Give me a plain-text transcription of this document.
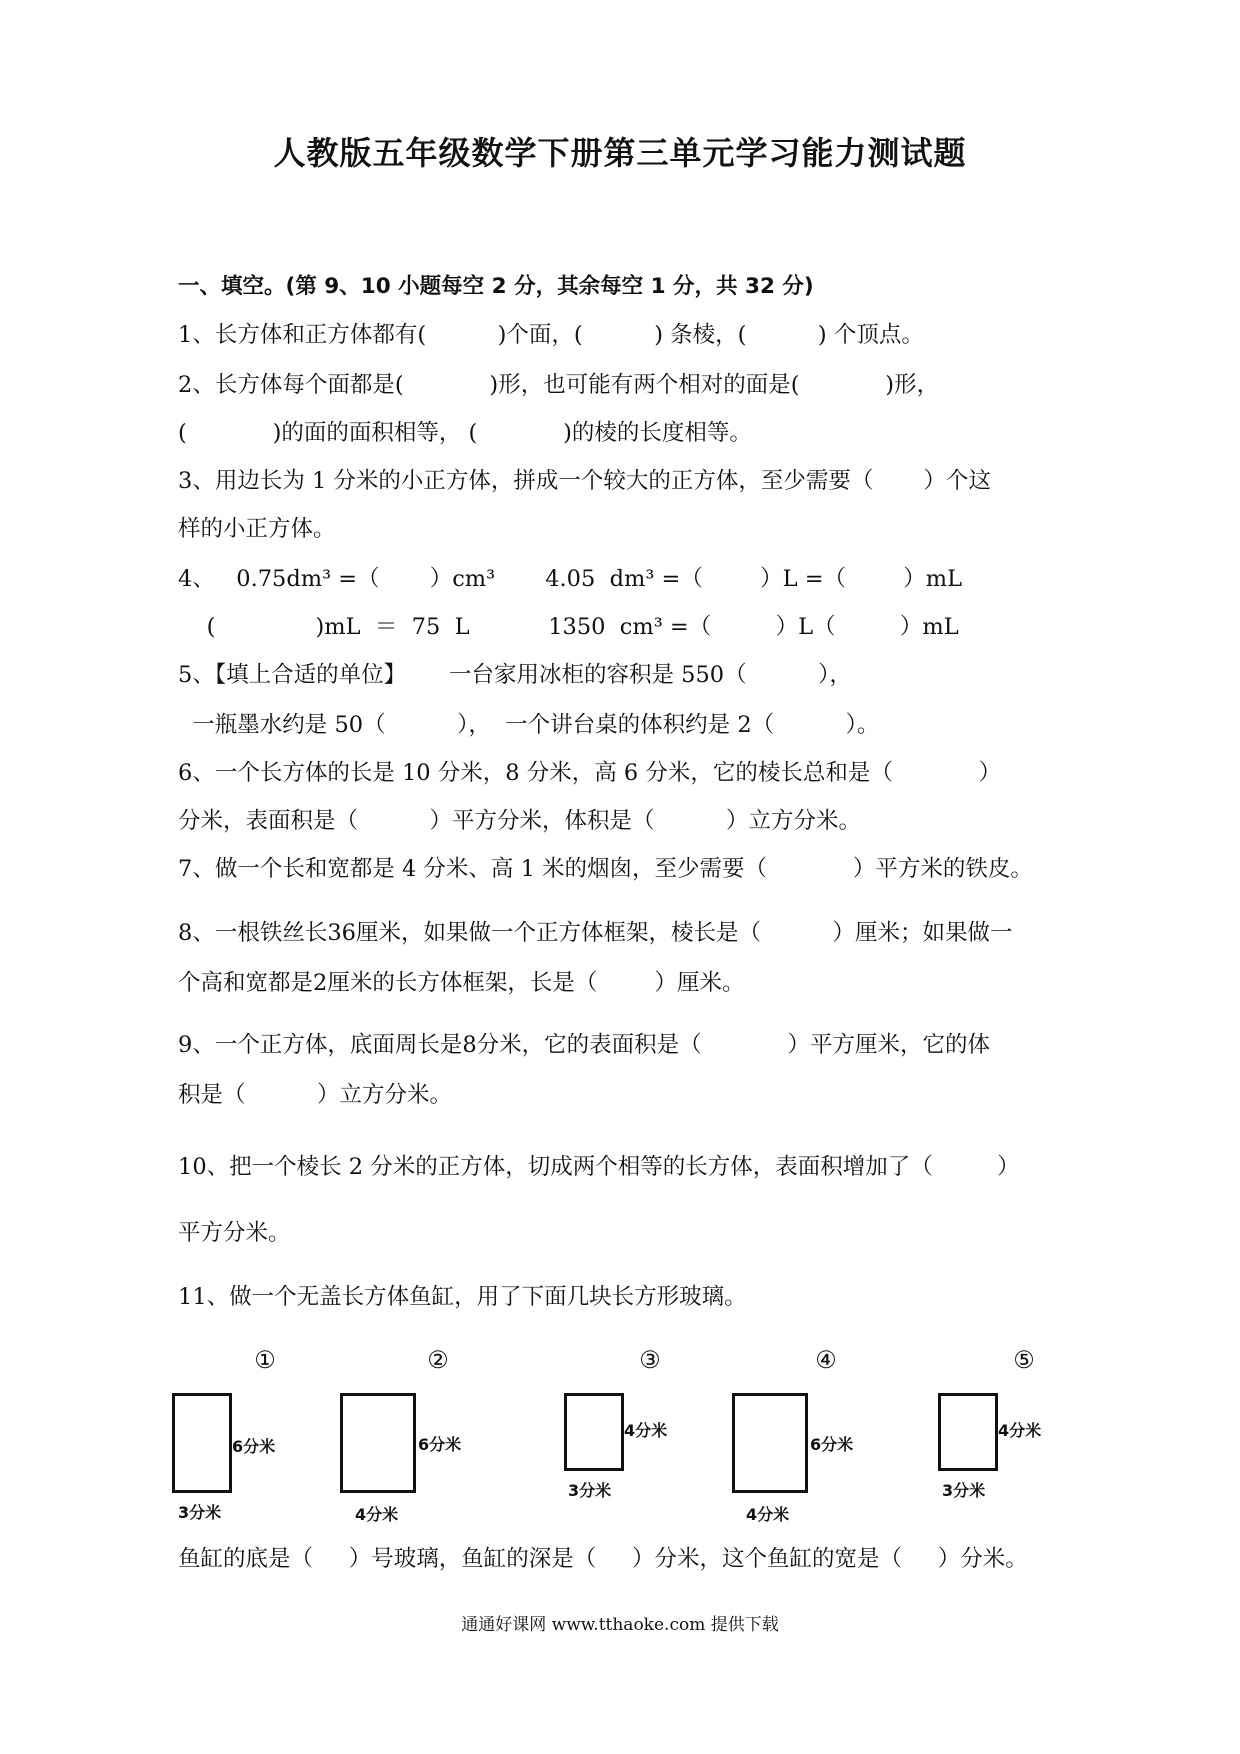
人教版五年级数学下册第三单元学习能力测试题
一、填空。(第 9、10 小题每空 2 分，其余每空 1 分，共 32 分)
1、长方体和正方体都有(          )个面，(          ) 条棱，(          ) 个顶点。
2、长方体每个面都是(            )形，也可能有两个相对的面是(            )形，
(            )的面的面积相等， (            )的棱的长度相等。
3、用边长为 1 分米的小正方体，拼成一个较大的正方体，至少需要（       ）个这
样的小正方体。
4、   0.75dm³ =（       ）cm³       4.05  dm³ =（        ）L =（        ）mL
(              )mL  ＝  75  L           1350  cm³ =（         ）L（         ）mL
5、【填上合适的单位】      一台家用冰柜的容积是 550（          ），
一瓶墨水约是 50（          ），  一个讲台桌的体积约是 2（          ）。
6、一个长方体的长是 10 分米，8 分米，高 6 分米，它的棱长总和是（            ）
分米，表面积是（          ）平方分米，体积是（          ）立方分米。
7、做一个长和宽都是 4 分米、高 1 米的烟囱，至少需要（            ）平方米的铁皮。
8、一根铁丝长36厘米，如果做一个正方体框架，棱长是（          ）厘米；如果做一
个高和宽都是2厘米的长方体框架，长是（        ）厘米。
9、一个正方体，底面周长是8分米，它的表面积是（            ）平方厘米，它的体
积是（          ）立方分米。
10、把一个棱长 2 分米的正方体，切成两个相等的长方体，表面积增加了（         ）
平方分米。
11、做一个无盖长方体鱼缸，用了下面几块长方形玻璃。
①
6分米
3分米
②
6分米
4分米
③
4分米
3分米
④
6分米
4分米
⑤
4分米
3分米
鱼缸的底是（     ）号玻璃，鱼缸的深是（     ）分米，这个鱼缸的宽是（     ）分米。
通通好课网 www.tthaoke.com 提供下载
